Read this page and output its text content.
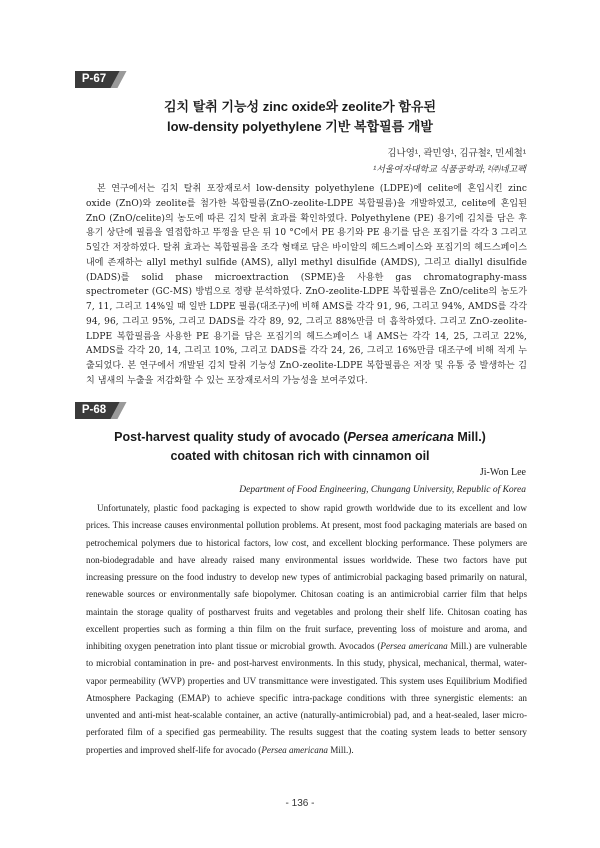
P-67
김치 탈취 기능성 zinc oxide와 zeolite가 함유된
low-density polyethylene 기반 복합필름 개발
김나영¹, 곽민영¹, 김규철², 민세철¹
¹서울여자대학교 식품공학과, ²㈜네고팩

본 연구에서는 김치 탈취 포장재로서 low-density polyethylene (LDPE)에 celite에 혼입시킨 zinc oxide (ZnO)와 zeolite를 첨가한 복합필름(ZnO-zeolite-LDPE 복합필름)을 개발하였고, celite에 혼입된 ZnO (ZnO/celite)의 농도에 따른 김치 탈취 효과를 확인하였다. Polyethylene (PE) 용기에 김치를 담은 후 용기 상단에 필름을 열접합하고 뚜껑을 닫은 뒤 10 °C에서 PE 용기와 PE 용기를 담은 포집기를 각각 3 그리고 5일간 저장하였다. 탈취 효과는 복합필름을 조각 형태로 담은 바이알의 헤드스페이스와 포집기의 헤드스페이스 내에 존재하는 allyl methyl sulfide (AMS), allyl methyl disulfide (AMDS), 그리고 diallyl disulfide (DADS)를 solid phase microextraction (SPME)을 사용한 gas chromatography-mass spectrometer (GC-MS) 방법으로 정량 분석하였다. ZnO-zeolite-LDPE 복합필름은 ZnO/celite의 농도가 7, 11, 그리고 14%일 때 일반 LDPE 필름(대조구)에 비해 AMS를 각각 91, 96, 그리고 94%, AMDS를 각각 94, 96, 그리고 95%, 그리고 DADS를 각각 89, 92, 그리고 88%만큼 더 흡착하였다. 그리고 ZnO-zeolite-LDPE 복합필름을 사용한 PE 용기를 담은 포집기의 헤드스페이스 내 AMS는 각각 14, 25, 그리고 22%, AMDS를 각각 20, 14, 그리고 10%, 그리고 DADS를 각각 24, 26, 그리고 16%만큼 대조구에 비해 적게 누출되었다. 본 연구에서 개발된 김치 탈취 기능성 ZnO-zeolite-LDPE 복합필름은 저장 및 유통 중 발생하는 김치 냄새의 누출을 저감화할 수 있는 포장재로서의 가능성을 보여주었다.

P-68
Post-harvest quality study of avocado (Persea americana Mill.)
coated with chitosan rich with cinnamon oil
Ji-Won Lee
Department of Food Engineering, Chungang University, Republic of Korea

Unfortunately, plastic food packaging is expected to show rapid growth worldwide due to its excellent and low prices. This increase causes environmental pollution problems. At present, most food packaging materials are based on petrochemical polymers due to historical factors, low cost, and excellent blocking performance. These polymers are non-biodegradable and have already raised many environmental issues worldwide. These two factors have put increasing pressure on the food industry to develop new types of antimicrobial packaging based primarily on natural, renewable sources or environmentally safe biopolymer. Chitosan coating is an antimicrobial carrier film that helps maintain the storage quality of postharvest fruits and vegetables and prolong their shelf life. Chitosan coating has excellent properties such as forming a thin film on the fruit surface, preventing loss of moisture and aroma, and inhibiting oxygen penetration into plant tissue or microbial growth. Avocados (Persea americana Mill.) are vulnerable to microbial contamination in pre- and post-harvest environments. In this study, physical, mechanical, thermal, water-vapor permeability (WVP) properties and UV transmittance were investigated. This system uses Equilibrium Modified Atmosphere Packaging (EMAP) to achieve specific intra-package conditions with three synergistic elements: an unvented and anti-mist heat-scalable container, an active (naturally-antimicrobial) pad, and a heat-sealed, laser micro-perforated film of a specified gas permeability. The results suggest that the coating system leads to better sensory properties and improved shelf-life for avocado (Persea americana Mill.).

- 136 -
